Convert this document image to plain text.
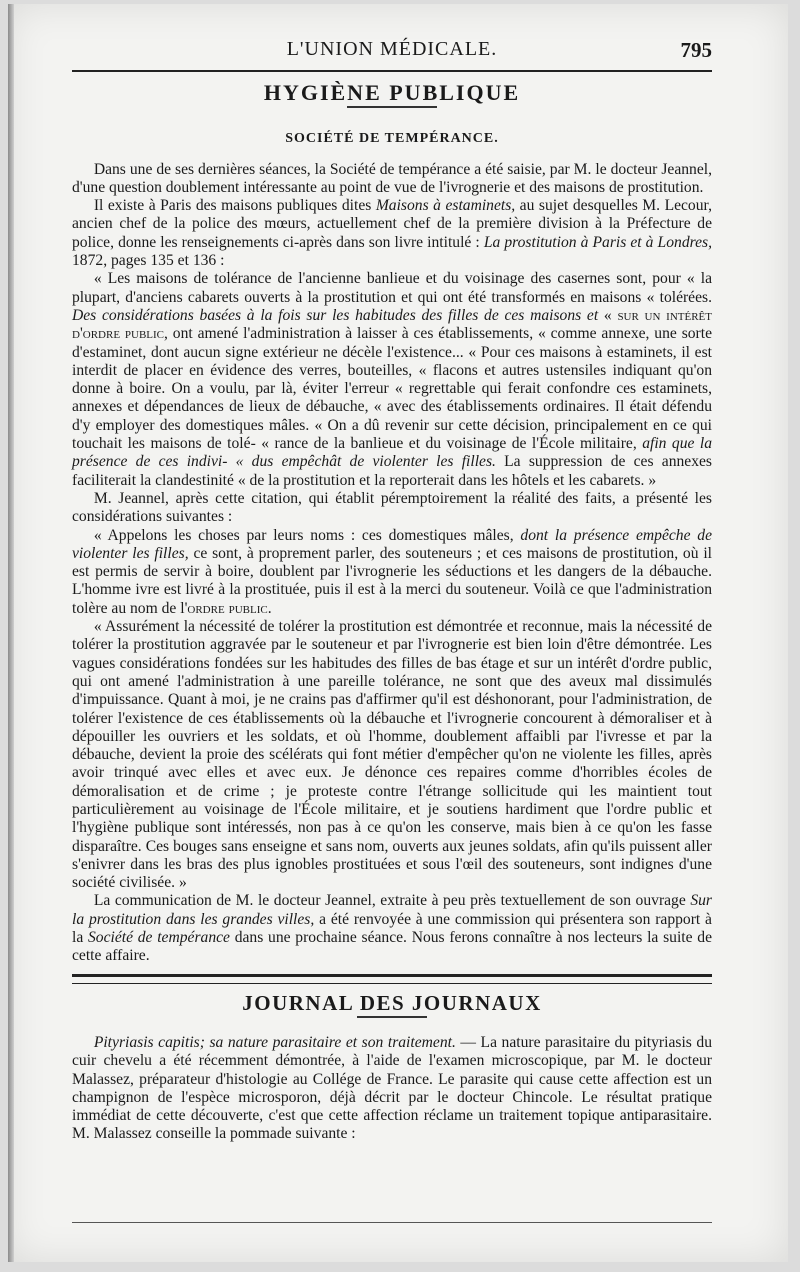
L'UNION MÉDICALE.	795
HYGIÈNE PUBLIQUE
SOCIÉTÉ DE TEMPÉRANCE.

Dans une de ses dernières séances, la Société de tempérance a été saisie, par M. le docteur Jeannel, d'une question doublement intéressante au point de vue de l'ivrognerie et des maisons de prostitution.

Il existe à Paris des maisons publiques dites Maisons à estaminets, au sujet desquelles M. Lecour, ancien chef de la police des mœurs, actuellement chef de la première division à la Préfecture de police, donne les renseignements ci-après dans son livre intitulé : La prostitution à Paris et à Londres, 1872, pages 135 et 136 :

« Les maisons de tolérance de l'ancienne banlieue et du voisinage des casernes sont, pour « la plupart, d'anciens cabarets ouverts à la prostitution et qui ont été transformés en maisons « tolérées. Des considérations basées à la fois sur les habitudes des filles de ces maisons et « sur un intérêt d'ordre public, ont amené l'administration à laisser à ces établissements, « comme annexe, une sorte d'estaminet, dont aucun signe extérieur ne décèle l'existence... « Pour ces maisons à estaminets, il est interdit de placer en évidence des verres, bouteilles, « flacons et autres ustensiles indiquant qu'on donne à boire. On a voulu, par là, éviter l'erreur « regrettable qui ferait confondre ces estaminets, annexes et dépendances de lieux de débauche, « avec des établissements ordinaires. Il était défendu d'y employer des domestiques mâles. « On a dû revenir sur cette décision, principalement en ce qui touchait les maisons de tolé- « rance de la banlieue et du voisinage de l'École militaire, afin que la présence de ces indivi- « dus empêchât de violenter les filles. La suppression de ces annexes faciliterait la clandestinité « de la prostitution et la reporterait dans les hôtels et les cabarets. »

M. Jeannel, après cette citation, qui établit péremptoirement la réalité des faits, a présenté les considérations suivantes :

« Appelons les choses par leurs noms : ces domestiques mâles, dont la présence empêche de violenter les filles, ce sont, à proprement parler, des souteneurs ; et ces maisons de prostitution, où il est permis de servir à boire, doublent par l'ivrognerie les séductions et les dangers de la débauche. L'homme ivre est livré à la prostituée, puis il est à la merci du souteneur. Voilà ce que l'administration tolère au nom de l'ordre public.

« Assurément la nécessité de tolérer la prostitution est démontrée et reconnue, mais la nécessité de tolérer la prostitution aggravée par le souteneur et par l'ivrognerie est bien loin d'être démontrée. Les vagues considérations fondées sur les habitudes des filles de bas étage et sur un intérêt d'ordre public, qui ont amené l'administration à une pareille tolérance, ne sont que des aveux mal dissimulés d'impuissance. Quant à moi, je ne crains pas d'affirmer qu'il est déshonorant, pour l'administration, de tolérer l'existence de ces établissements où la débauche et l'ivrognerie concourent à démoraliser et à dépouiller les ouvriers et les soldats, et où l'homme, doublement affaibli par l'ivresse et par la débauche, devient la proie des scélérats qui font métier d'empêcher qu'on ne violente les filles, après avoir trinqué avec elles et avec eux. Je dénonce ces repaires comme d'horribles écoles de démoralisation et de crime ; je proteste contre l'étrange sollicitude qui les maintient tout particulièrement au voisinage de l'École militaire, et je soutiens hardiment que l'ordre public et l'hygiène publique sont intéressés, non pas à ce qu'on les conserve, mais bien à ce qu'on les fasse disparaître. Ces bouges sans enseigne et sans nom, ouverts aux jeunes soldats, afin qu'ils puissent aller s'enivrer dans les bras des plus ignobles prostituées et sous l'œil des souteneurs, sont indignes d'une société civilisée. »

La communication de M. le docteur Jeannel, extraite à peu près textuellement de son ouvrage Sur la prostitution dans les grandes villes, a été renvoyée à une commission qui présentera son rapport à la Société de tempérance dans une prochaine séance. Nous ferons connaître à nos lecteurs la suite de cette affaire.

JOURNAL DES JOURNAUX

Pityriasis capitis; sa nature parasitaire et son traitement. — La nature parasitaire du pityriasis du cuir chevelu a été récemment démontrée, à l'aide de l'examen microscopique, par M. le docteur Malassez, préparateur d'histologie au Collége de France. Le parasite qui cause cette affection est un champignon de l'espèce microsporon, déjà décrit par le docteur Chincole. Le résultat pratique immédiat de cette découverte, c'est que cette affection réclame un traitement topique antiparasitaire. M. Malassez conseille la pommade suivante :
